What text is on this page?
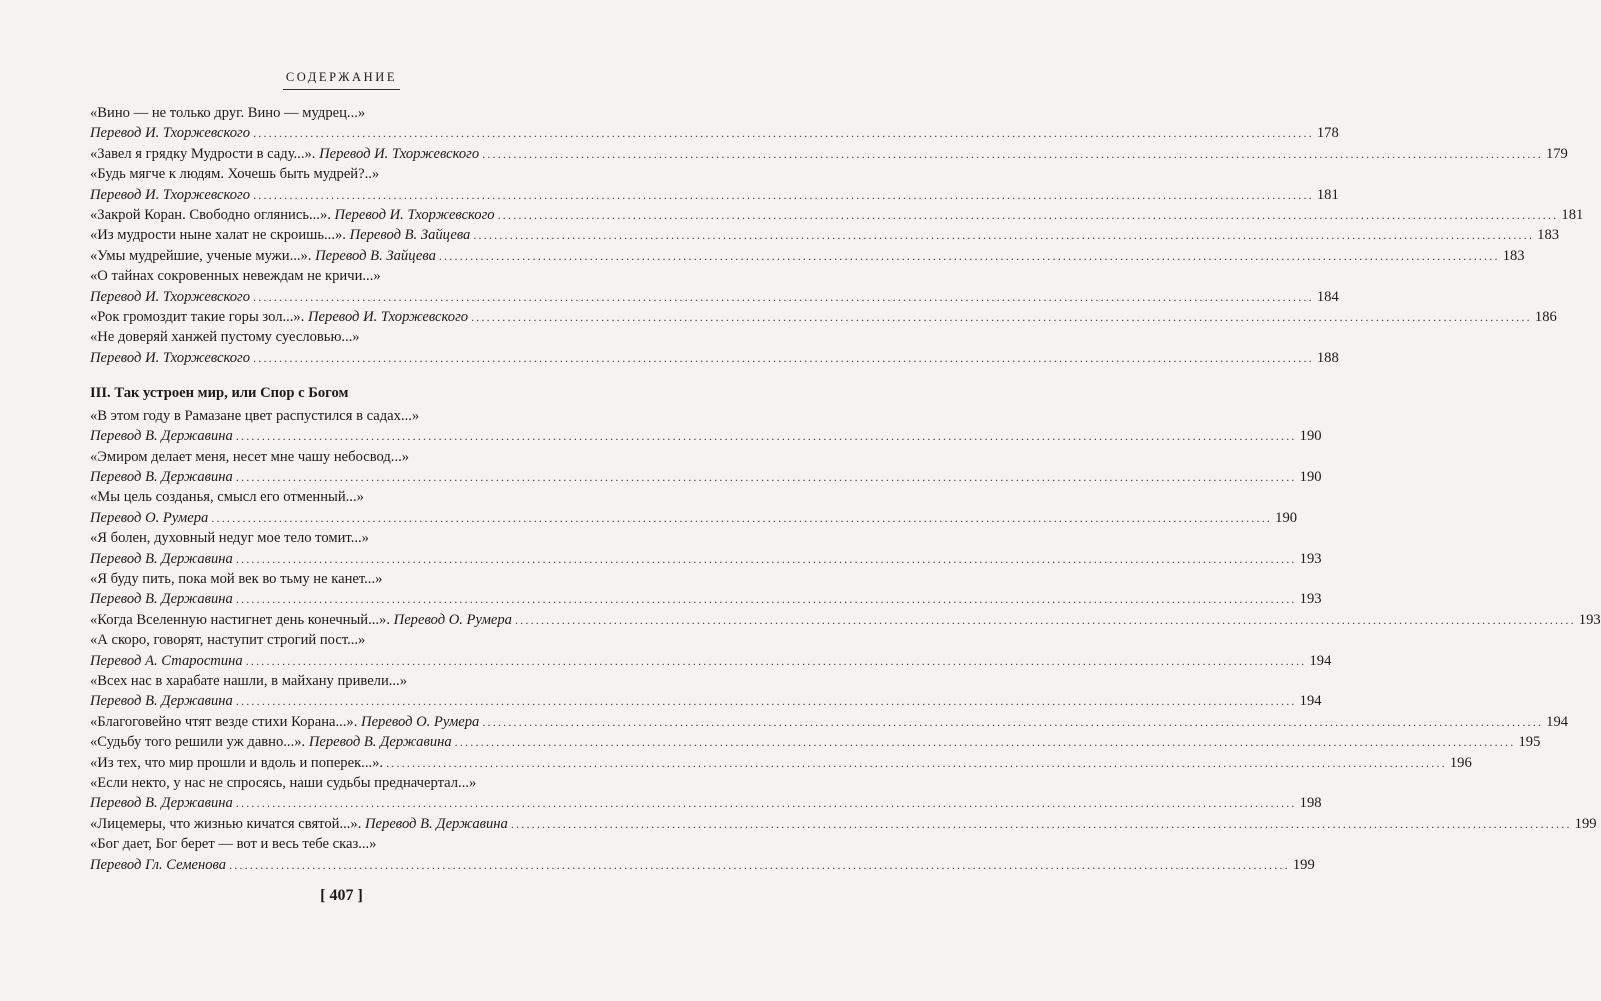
СОДЕРЖАНИЕ
«Вино — не только друг. Вино — мудрец...»
Перевод И. Тхоржевского ............................................................................................................................................................................................................ 178
«Завел я грядку Мудрости в саду...». Перевод И. Тхоржевского ............................................................................................................................................................................................................ 179
«Будь мягче к людям. Хочешь быть мудрей?..»
Перевод И. Тхоржевского ............................................................................................................................................................................................................ 181
«Закрой Коран. Свободно оглянись...». Перевод И. Тхоржевского ............................................................................................................................................................................................................ 181
«Из мудрости ныне халат не скроишь...». Перевод В. Зайцева ............................................................................................................................................................................................................ 183
«Умы мудрейшие, ученые мужи...». Перевод В. Зайцева ............................................................................................................................................................................................................ 183
«О тайнах сокровенных невеждам не кричи...»
Перевод И. Тхоржевского ............................................................................................................................................................................................................ 184
«Рок громоздит такие горы зол...». Перевод И. Тхоржевского ............................................................................................................................................................................................................ 186
«Не доверяй ханжей пустому суесловью...»
Перевод И. Тхоржевского ............................................................................................................................................................................................................ 188
III. Так устроен мир, или Спор с Богом
«В этом году в Рамазане цвет распустился в садах...»
Перевод В. Державина ............................................................................................................................................................................................................ 190
«Эмиром делает меня, несет мне чашу небосвод...»
Перевод В. Державина ............................................................................................................................................................................................................ 190
«Мы цель созданья, смысл его отменный...»
Перевод О. Румера ............................................................................................................................................................................................................ 190
«Я болен, духовный недуг мое тело томит...»
Перевод В. Державина ............................................................................................................................................................................................................ 193
«Я буду пить, пока мой век во тьму не канет...»
Перевод В. Державина ............................................................................................................................................................................................................ 193
«Когда Вселенную настигнет день конечный...». Перевод О. Румера ............................................................................................................................................................................................................ 193
«А скоро, говорят, наступит строгий пост...»
Перевод А. Старостина ............................................................................................................................................................................................................ 194
«Всех нас в харабате нашли, в майхану привели...»
Перевод В. Державина ............................................................................................................................................................................................................ 194
«Благоговейно чтят везде стихи Корана...». Перевод О. Румера ............................................................................................................................................................................................................ 194
«Судьбу того решили уж давно...». Перевод В. Державина ............................................................................................................................................................................................................ 195
«Из тех, что мир прошли и вдоль и поперек...». ............................................................................................................................................................................................................ 196
«Если некто, у нас не спросясь, наши судьбы предначертал...»
Перевод В. Державина ............................................................................................................................................................................................................ 198
«Лицемеры, что жизнью кичатся святой...». Перевод В. Державина ............................................................................................................................................................................................................ 199
«Бог дает, Бог берет — вот и весь тебе сказ...»
Перевод Гл. Семенова ............................................................................................................................................................................................................ 199
[ 407 ]
